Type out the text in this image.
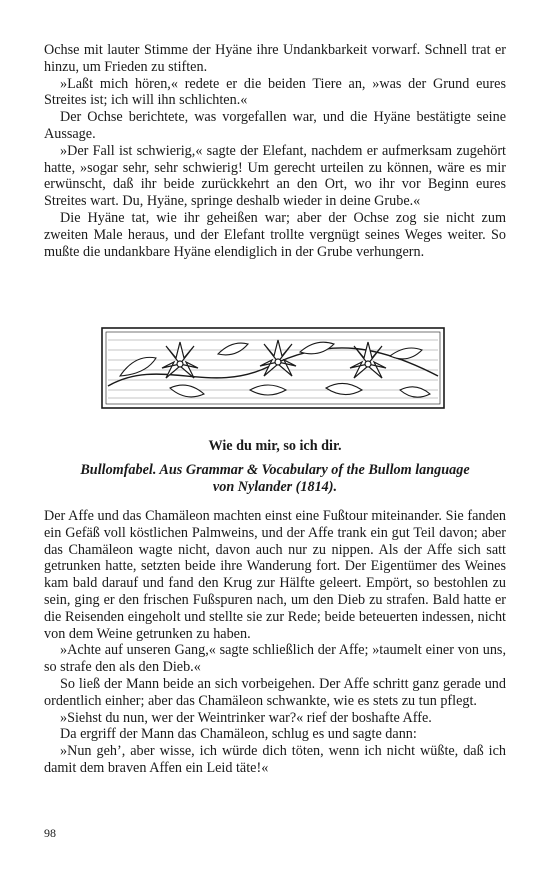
Ochse mit lauter Stimme der Hyäne ihre Undankbarkeit vorwarf. Schnell trat er hinzu, um Frieden zu stiften.

»Laßt mich hören,« redete er die beiden Tiere an, »was der Grund eures Streites ist; ich will ihn schlichten.«

Der Ochse berichtete, was vorgefallen war, und die Hyäne bestätigte seine Aussage.

»Der Fall ist schwierig,« sagte der Elefant, nachdem er aufmerksam zugehört hatte, »sogar sehr, sehr schwierig! Um gerecht urteilen zu können, wäre es mir erwünscht, daß ihr beide zurückkehrt an den Ort, wo ihr vor Beginn eures Streites wart. Du, Hyäne, springe deshalb wieder in deine Grube.«

Die Hyäne tat, wie ihr geheißen war; aber der Ochse zog sie nicht zum zweiten Male heraus, und der Elefant trollte vergnügt seines Weges weiter. So mußte die undankbare Hyäne elendiglich in der Grube verhungern.

Wie du mir, so ich dir.

Bullomfabel. Aus Grammar & Vocabulary of the Bullom language
von Nylander (1814).

Der Affe und das Chamäleon machten einst eine Fußtour miteinander. Sie fanden ein Gefäß voll köstlichen Palmweins, und der Affe trank ein gut Teil davon; aber das Chamäleon wagte nicht, davon auch nur zu nippen. Als der Affe sich satt getrunken hatte, setzten beide ihre Wanderung fort. Der Eigentümer des Weines kam bald darauf und fand den Krug zur Hälfte geleert. Empört, so bestohlen zu sein, ging er den frischen Fußspuren nach, um den Dieb zu strafen. Bald hatte er die Reisenden eingeholt und stellte sie zur Rede; beide beteuerten indessen, nicht von dem Weine getrunken zu haben.

»Achte auf unseren Gang,« sagte schließlich der Affe; »taumelt einer von uns, so strafe den als den Dieb.«

So ließ der Mann beide an sich vorbeigehen. Der Affe schritt ganz gerade und ordentlich einher; aber das Chamäleon schwankte, wie es stets zu tun pflegt.

»Siehst du nun, wer der Weintrinker war?« rief der boshafte Affe.

Da ergriff der Mann das Chamäleon, schlug es und sagte dann:

»Nun geh’, aber wisse, ich würde dich töten, wenn ich nicht wüßte, daß ich damit dem braven Affen ein Leid täte!«

98
